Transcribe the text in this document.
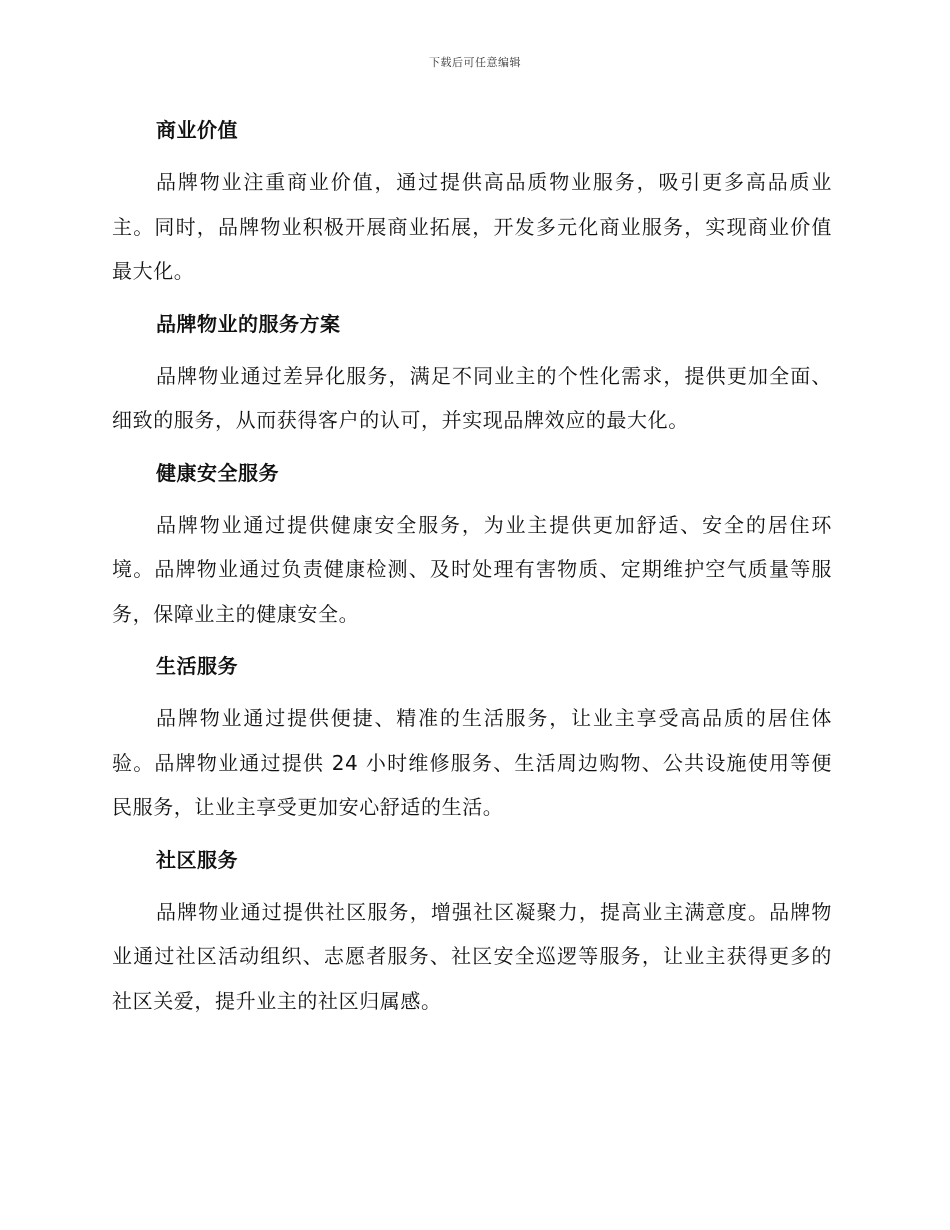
下载后可任意编辑
商业价值

品牌物业注重商业价值，通过提供高品质物业服务，吸引更多高品质业主。同时，品牌物业积极开展商业拓展，开发多元化商业服务，实现商业价值最大化。

品牌物业的服务方案

品牌物业通过差异化服务，满足不同业主的个性化需求，提供更加全面、细致的服务，从而获得客户的认可，并实现品牌效应的最大化。

健康安全服务

品牌物业通过提供健康安全服务，为业主提供更加舒适、安全的居住环境。品牌物业通过负责健康检测、及时处理有害物质、定期维护空气质量等服务，保障业主的健康安全。

生活服务

品牌物业通过提供便捷、精准的生活服务，让业主享受高品质的居住体验。品牌物业通过提供 24 小时维修服务、生活周边购物、公共设施使用等便民服务，让业主享受更加安心舒适的生活。

社区服务

品牌物业通过提供社区服务，增强社区凝聚力，提高业主满意度。品牌物业通过社区活动组织、志愿者服务、社区安全巡逻等服务，让业主获得更多的社区关爱，提升业主的社区归属感。
